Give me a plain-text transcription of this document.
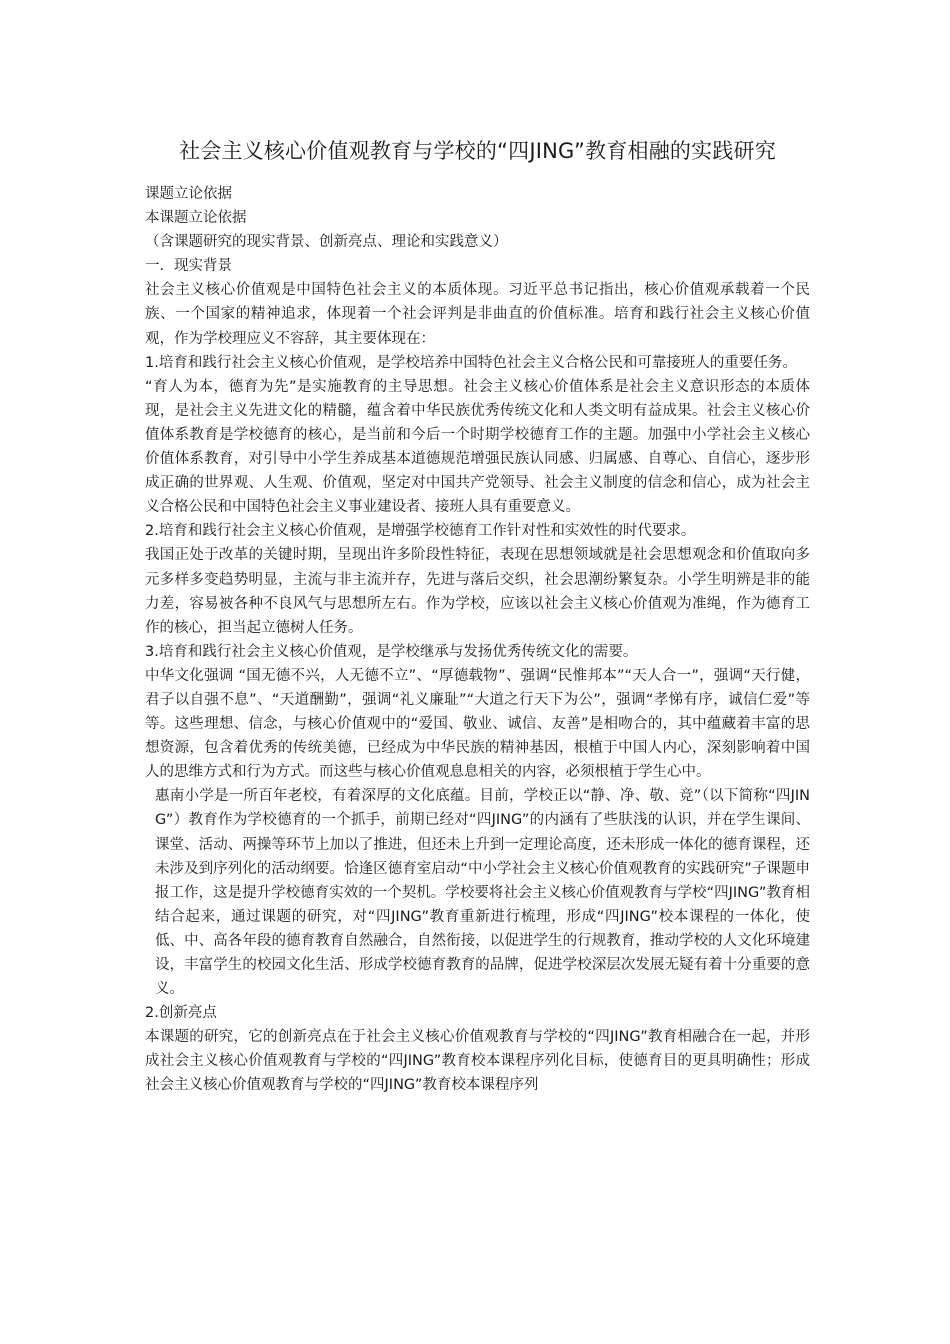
社会主义核心价值观教育与学校的“四JING”教育相融的实践研究

课题立论依据

本课题立论依据

（含课题研究的现实背景、创新亮点、理论和实践意义）

一．现实背景

社会主义核心价值观是中国特色社会主义的本质体现。习近平总书记指出，核心价值观承载着一个民族、一个国家的精神追求，体现着一个社会评判是非曲直的价值标准。培育和践行社会主义核心价值观，作为学校理应义不容辞，其主要体现在：

1.培育和践行社会主义核心价值观，是学校培养中国特色社会主义合格公民和可靠接班人的重要任务。

“育人为本，德育为先”是实施教育的主导思想。社会主义核心价值体系是社会主义意识形态的本质体现，是社会主义先进文化的精髓，蕴含着中华民族优秀传统文化和人类文明有益成果。社会主义核心价值体系教育是学校德育的核心，是当前和今后一个时期学校德育工作的主题。加强中小学社会主义核心价值体系教育，对引导中小学生养成基本道德规范增强民族认同感、归属感、自尊心、自信心，逐步形成正确的世界观、人生观、价值观，坚定对中国共产党领导、社会主义制度的信念和信心，成为社会主义合格公民和中国特色社会主义事业建设者、接班人具有重要意义。

2.培育和践行社会主义核心价值观，是增强学校德育工作针对性和实效性的时代要求。

我国正处于改革的关键时期，呈现出许多阶段性特征，表现在思想领域就是社会思想观念和价值取向多元多样多变趋势明显，主流与非主流并存，先进与落后交织，社会思潮纷繁复杂。小学生明辨是非的能力差，容易被各种不良风气与思想所左右。作为学校，应该以社会主义核心价值观为准绳，作为德育工作的核心，担当起立德树人任务。

3.培育和践行社会主义核心价值观，是学校继承与发扬优秀传统文化的需要。

中华文化强调 “国无德不兴，人无德不立”、“厚德载物”、强调“民惟邦本”“天人合一”，强调“天行健，君子以自强不息”、“天道酬勤”，强调“礼义廉耻”“大道之行天下为公”，强调“孝悌有序，诚信仁爱”等等。这些理想、信念，与核心价值观中的“爱国、敬业、诚信、友善”是相吻合的，其中蕴藏着丰富的思想资源，包含着优秀的传统美德，已经成为中华民族的精神基因，根植于中国人内心，深刻影响着中国人的思维方式和行为方式。而这些与核心价值观息息相关的内容，必须根植于学生心中。

惠南小学是一所百年老校，有着深厚的文化底蕴。目前，学校正以“静、净、敬、竞”（以下简称“四JING”）教育作为学校德育的一个抓手，前期已经对“四JING”的内涵有了些肤浅的认识，并在学生课间、课堂、活动、两操等环节上加以了推进，但还未上升到一定理论高度，还未形成一体化的德育课程，还未涉及到序列化的活动纲要。恰逢区德育室启动“中小学社会主义核心价值观教育的实践研究”子课题申报工作，这是提升学校德育实效的一个契机。学校要将社会主义核心价值观教育与学校“四JING”教育相结合起来，通过课题的研究，对“四JING”教育重新进行梳理，形成“四JING”校本课程的一体化，使低、中、高各年段的德育教育自然融合，自然衔接，以促进学生的行规教育，推动学校的人文化环境建设，丰富学生的校园文化生活、形成学校德育教育的品牌，促进学校深层次发展无疑有着十分重要的意义。

2.创新亮点

本课题的研究，它的创新亮点在于社会主义核心价值观教育与学校的“四JING”教育相融合在一起，并形成社会主义核心价值观教育与学校的“四JING”教育校本课程序列化目标，使德育目的更具明确性；形成社会主义核心价值观教育与学校的“四JING”教育校本课程序列
